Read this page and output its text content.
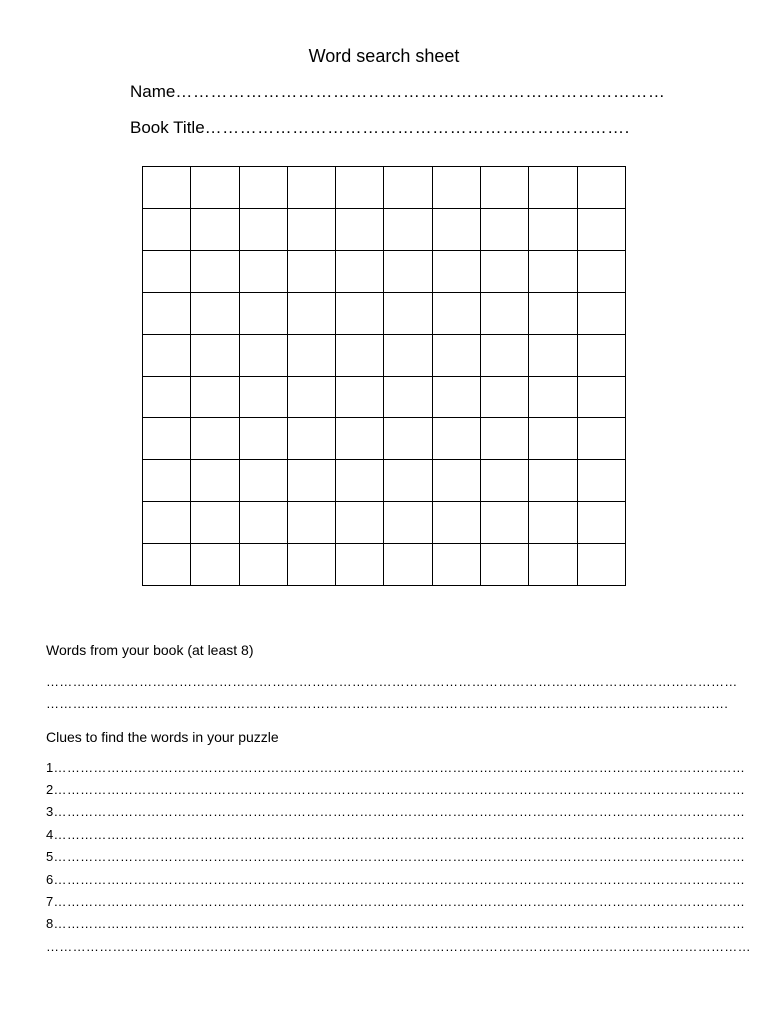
Word search sheet
Name…………………………………………………………………………
Book Title……………………………………………………………….
Words from your book (at least 8)
…………………………………………………………………………………………………………………………………………
……………………………………………………………………………………………………………………………………….
Clues to find the words in your puzzle
1…………………………………………………………………………………………………………………………………………
2…………………………………………………………………………………………………………………………………………
3…………………………………………………………………………………………………………………………………………
4…………………………………………………………………………………………………………………………………………
5…………………………………………………………………………………………………………………………………………
6…………………………………………………………………………………………………………………………………………
7…………………………………………………………………………………………………………………………………………
8…………………………………………………………………………………………………………………………………………
……………………………………………………………………………………………………………………………………………
